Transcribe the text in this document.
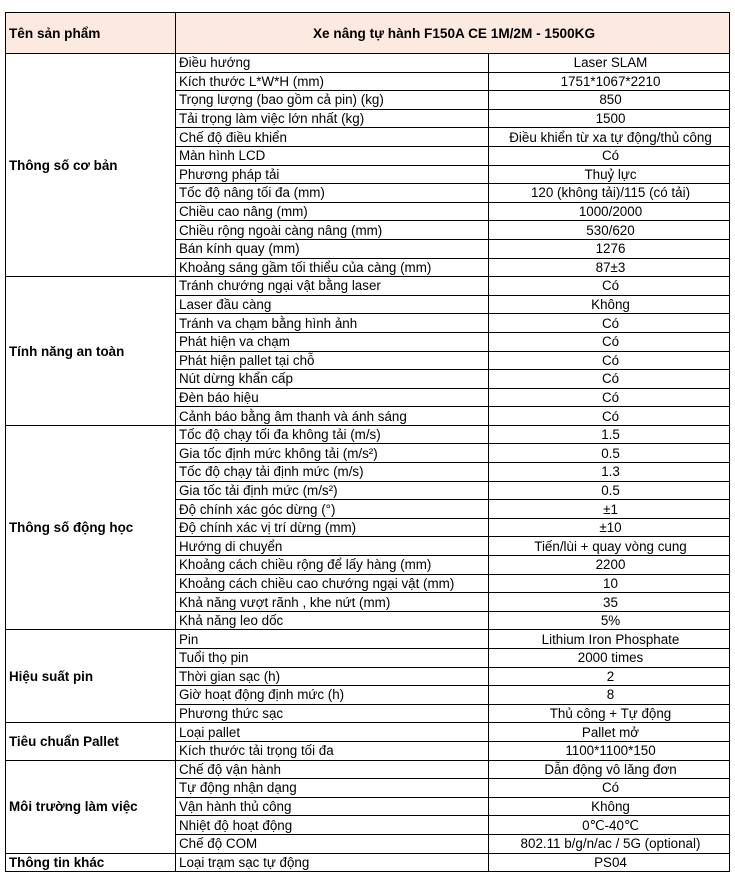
Tên sản phẩm	Xe nâng tự hành F150A CE 1M/2M - 1500KG	
Thông số cơ bản	Điều hướng	Laser SLAM
	Kích thước L*W*H (mm)	1751*1067*2210
	Trọng lượng (bao gồm cả pin) (kg)	850
	Tải trọng làm việc lớn nhất (kg)	1500
	Chế độ điều khiển	Điều khiển từ xa tự động/thủ công
	Màn hình LCD	Có
	Phương pháp tải	Thuỷ lực
	Tốc độ nâng tối đa (mm)	120 (không tải)/115 (có tải)
	Chiều cao nâng (mm)	1000/2000
	Chiều rộng ngoài càng nâng (mm)	530/620
	Bán kính quay (mm)	1276
	Khoảng sáng gầm tối thiểu của càng (mm)	87±3
Tính năng an toàn	Tránh chướng ngại vật bằng laser	Có
	Laser đầu càng	Không
	Tránh va chạm bằng hình ảnh	Có
	Phát hiện va chạm	Có
	Phát hiện pallet tại chỗ	Có
	Nút dừng khẩn cấp	Có
	Đèn báo hiệu	Có
	Cảnh báo bằng âm thanh và ánh sáng	Có
Thông số động học	Tốc độ chạy tối đa không tải (m/s)	1.5
	Gia tốc định mức không tải (m/s²)	0.5
	Tốc độ chạy tải định mức (m/s)	1.3
	Gia tốc tải định mức (m/s²)	0.5
	Độ chính xác góc dừng (°)	±1
	Độ chính xác vị trí dừng (mm)	±10
	Hướng di chuyển	Tiến/lùi + quay vòng cung
	Khoảng cách chiều rộng để lấy hàng (mm)	2200
	Khoảng cách chiều cao chướng ngại vật (mm)	10
	Khả năng vượt rãnh , khe nứt (mm)	35
	Khả năng leo dốc	5%
Hiệu suất pin	Pin	Lithium Iron Phosphate
	Tuổi thọ pin	2000 times
	Thời gian sạc (h)	2
	Giờ hoạt động định mức (h)	8
	Phương thức sạc	Thủ công + Tự động
Tiêu chuẩn Pallet	Loại pallet	Pallet mở
	Kích thước tải trọng tối đa	1100*1100*150
Môi trường làm việc	Chế độ vận hành	Dẫn động vô lăng đơn
	Tự động nhận dạng	Có
	Vận hành thủ công	Không
	Nhiệt độ hoạt động	0℃-40℃
	Chế độ COM	802.11 b/g/n/ac / 5G (optional)
Thông tin khác	Loại trạm sạc tự động	PS04
